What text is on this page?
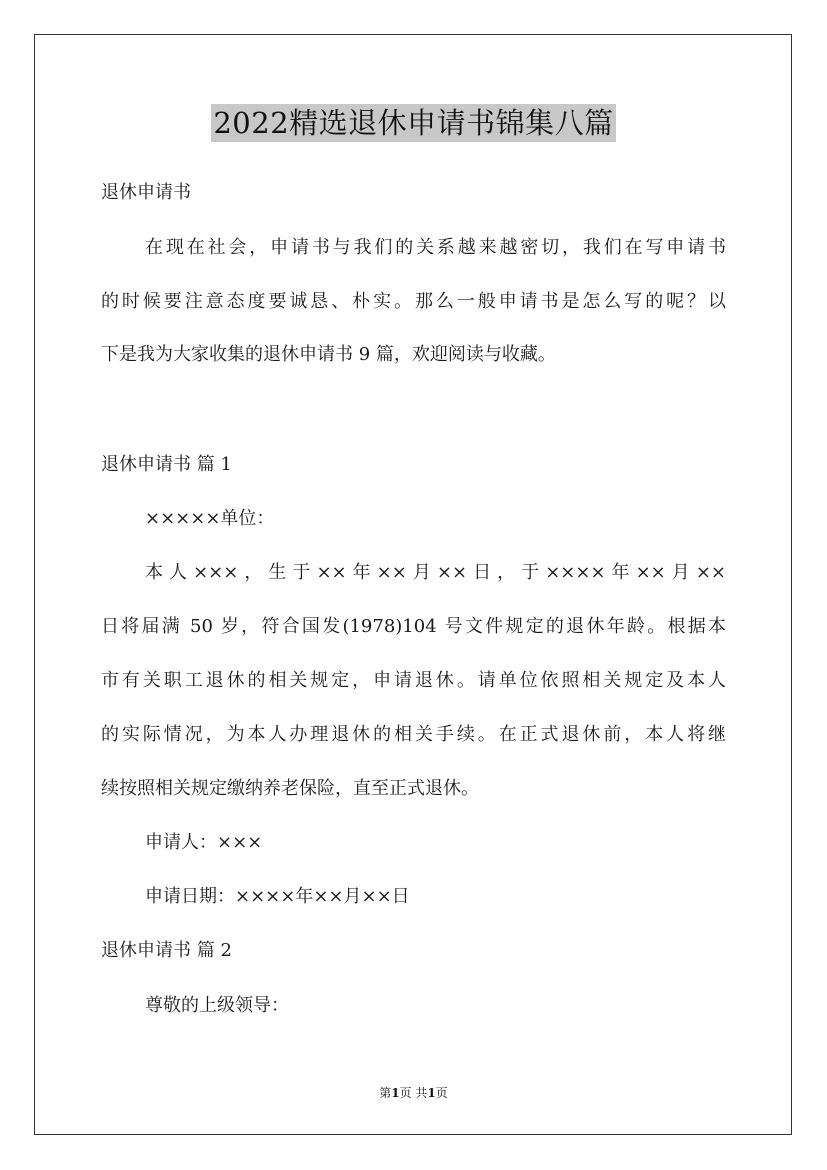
2022精选退休申请书锦集八篇
退休申请书
在现在社会，申请书与我们的关系越来越密切，我们在写申请书
的时候要注意态度要诚恳、朴实。那么一般申请书是怎么写的呢？以
下是我为大家收集的退休申请书 9 篇，欢迎阅读与收藏。
退休申请书 篇 1
×××××单位：
本人×××，生于××年××月××日，于××××年××月××
日将届满 50 岁，符合国发(1978)104 号文件规定的退休年龄。根据本
市有关职工退休的相关规定，申请退休。请单位依照相关规定及本人
的实际情况，为本人办理退休的相关手续。在正式退休前，本人将继
续按照相关规定缴纳养老保险，直至正式退休。
申请人：×××
申请日期：××××年××月××日
退休申请书 篇 2
尊敬的上级领导：
第1页 共1页
